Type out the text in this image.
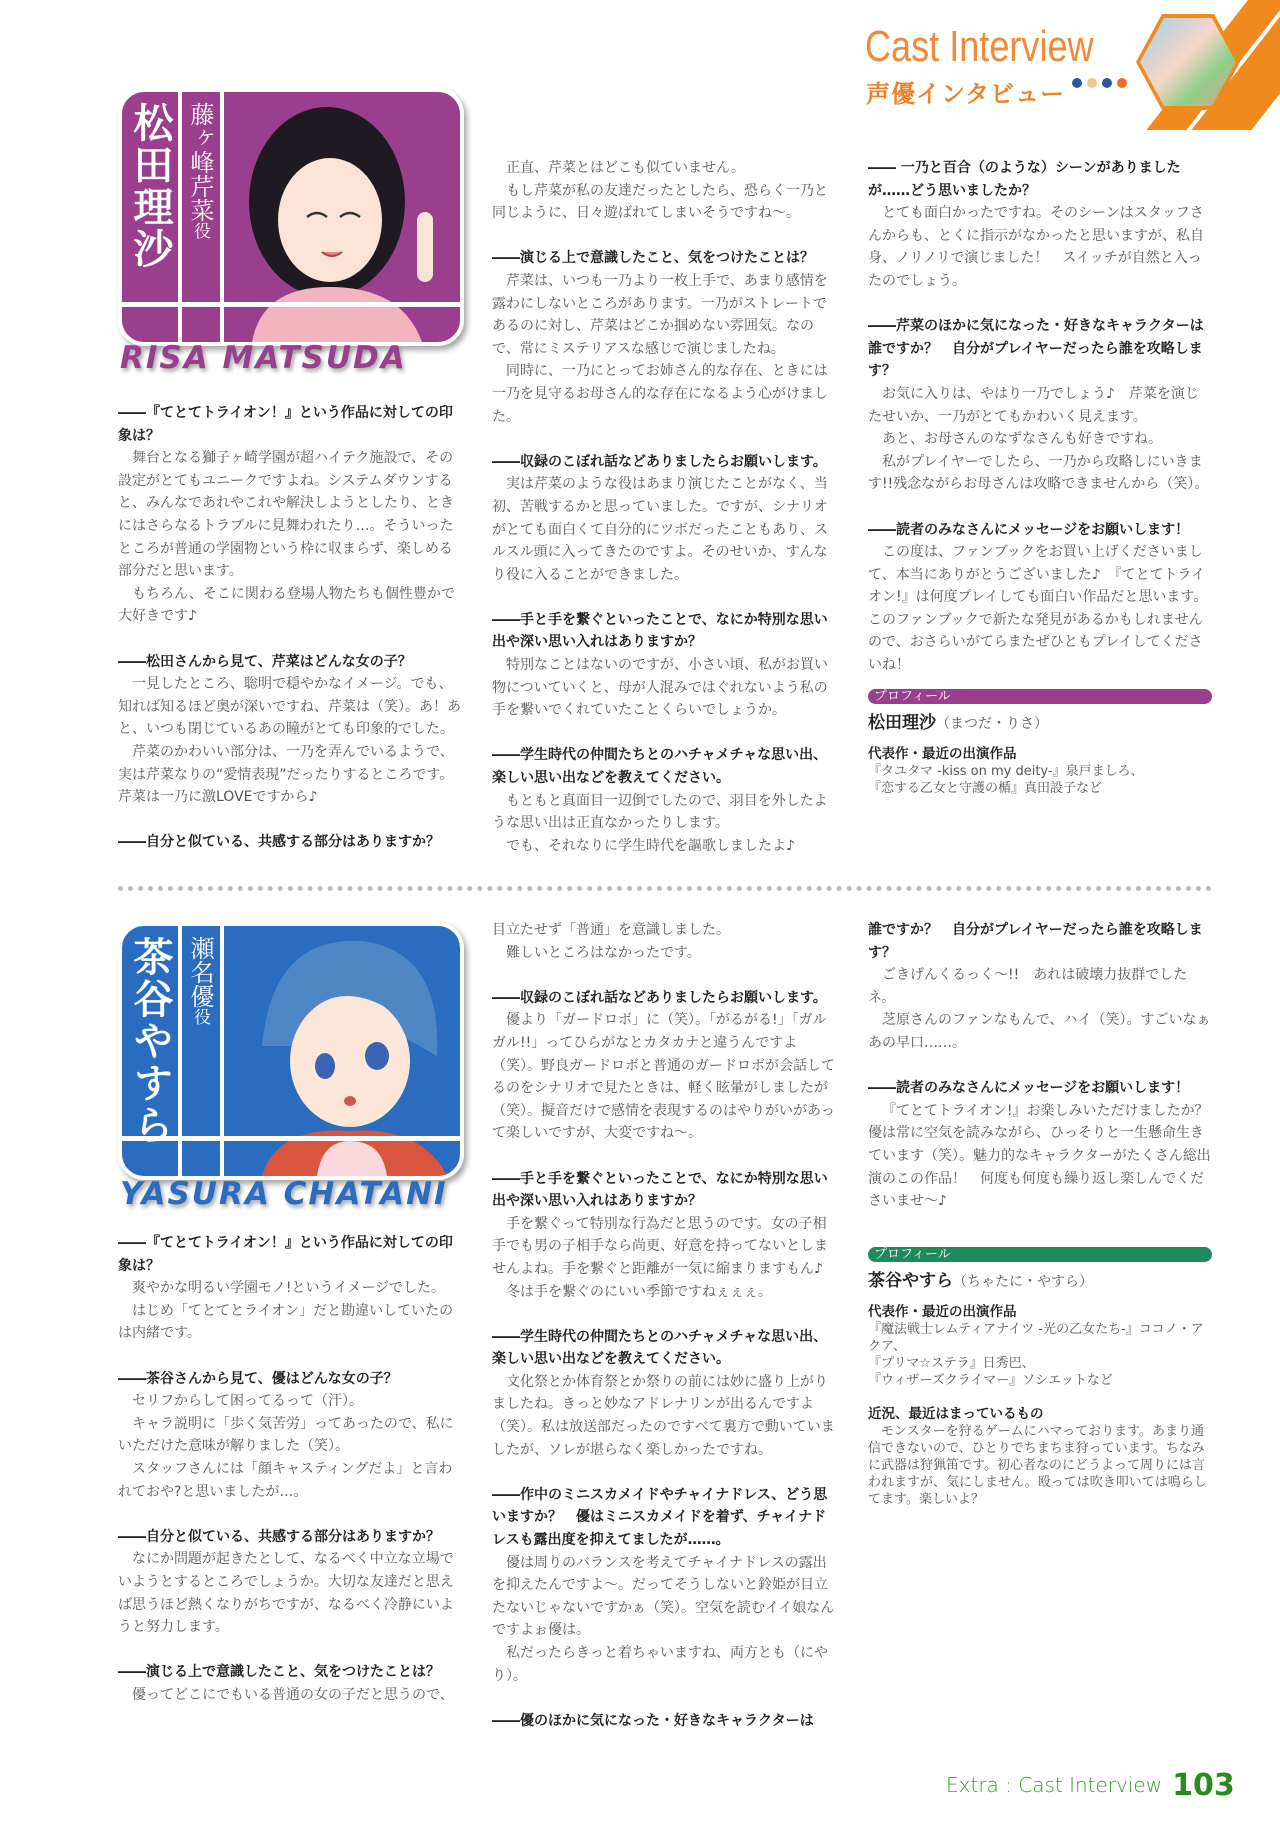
Cast Interview
声優インタビュー
松田理沙 藤ヶ峰芹菜役
RISA MATSUDA
――『てとてトライオン！』という作品に対しての印象は？

舞台となる獅子ヶ崎学園が超ハイテク施設で、その設定がとてもユニークですよね。システムダウンすると、みんなであれやこれや解決しようとしたり、ときにはさらなるトラブルに見舞われたり…。そういったところが普通の学園物という枠に収まらず、楽しめる部分だと思います。

もちろん、そこに関わる登場人物たちも個性豊かで大好きです♪

――松田さんから見て、芹菜はどんな女の子？

一見したところ、聡明で穏やかなイメージ。でも、知れば知るほど奥が深いですね、芹菜は（笑）。あ！あと、いつも閉じているあの瞳がとても印象的でした。

芹菜のかわいい部分は、一乃を弄んでいるようで、実は芹菜なりの“愛情表現”だったりするところです。芹菜は一乃に激LOVEですから♪

――自分と似ている、共感する部分はありますか？

正直、芹菜とはどこも似ていません。

もし芹菜が私の友達だったとしたら、恐らく一乃と同じように、日々遊ばれてしまいそうですね～。

――演じる上で意識したこと、気をつけたことは？

芹菜は、いつも一乃より一枚上手で、あまり感情を露わにしないところがあります。一乃がストレートであるのに対し、芹菜はどこか掴めない雰囲気。なので、常にミステリアスな感じで演じましたね。

同時に、一乃にとってお姉さん的な存在、ときには一乃を見守るお母さん的な存在になるよう心がけました。

――収録のこぼれ話などありましたらお願いします。

実は芹菜のような役はあまり演じたことがなく、当初、苦戦するかと思っていました。ですが、シナリオがとても面白くて自分的にツボだったこともあり、スルスル頭に入ってきたのですよ。そのせいか、すんなり役に入ることができました。

――手と手を繋ぐといったことで、なにか特別な思い出や深い思い入れはありますか？

特別なことはないのですが、小さい頃、私がお買い物についていくと、母が人混みではぐれないよう私の手を繋いでくれていたことくらいでしょうか。

――学生時代の仲間たちとのハチャメチャな思い出、楽しい思い出などを教えてください。

もともと真面目一辺倒でしたので、羽目を外したような思い出は正直なかったりします。

でも、それなりに学生時代を謳歌しましたよ♪

―― 一乃と百合（のような）シーンがありましたが……どう思いましたか？

とても面白かったですね。そのシーンはスタッフさんからも、とくに指示がなかったと思いますが、私自身、ノリノリで演じました！　スイッチが自然と入ったのでしょう。

――芹菜のほかに気になった・好きなキャラクターは誰ですか？　自分がプレイヤーだったら誰を攻略します？

お気に入りは、やはり一乃でしょう♪　芹菜を演じたせいか、一乃がとてもかわいく見えます。

あと、お母さんのなずなさんも好きですね。

私がプレイヤーでしたら、一乃から攻略しにいきます!!残念ながらお母さんは攻略できませんから（笑）。

――読者のみなさんにメッセージをお願いします！

この度は、ファンブックをお買い上げくださいまして、本当にありがとうございました♪　『てとてトライオン!』は何度プレイしても面白い作品だと思います。このファンブックで新たな発見があるかもしれませんので、おさらいがてらまたぜひともプレイしてくださいね！

プロフィール
松田理沙（まつだ・りさ）
代表作・最近の出演作品
『タユタマ -kiss on my deity-』泉戸ましろ、
『恋する乙女と守護の楯』真田設子など
茶谷やすら 瀬名優役
YASURA CHATANI
――『てとてトライオン！』という作品に対しての印象は？

爽やかな明るい学園モノ!というイメージでした。

はじめ「てとてとライオン」だと勘違いしていたのは内緒です。

――茶谷さんから見て、優はどんな女の子？

セリフからして困ってるって（汗）。

キャラ説明に「歩く気苦労」ってあったので、私にいただけた意味が解りました（笑）。

スタッフさんには「顔キャスティングだよ」と言われておや?と思いましたが…。

――自分と似ている、共感する部分はありますか？

なにか問題が起きたとして、なるべく中立な立場でいようとするところでしょうか。大切な友達だと思えば思うほど熱くなりがちですが、なるべく冷静にいようと努力します。

――演じる上で意識したこと、気をつけたことは？

優ってどこにでもいる普通の女の子だと思うので、

目立たせず「普通」を意識しました。

難しいところはなかったです。

――収録のこぼれ話などありましたらお願いします。

優より「ガードロボ」に（笑）。「がるがる!」「ガルガル!!」ってひらがなとカタカナと違うんですよ（笑）。野良ガードロボと普通のガードロボが会話してるのをシナリオで見たときは、軽く眩暈がしましたが（笑）。擬音だけで感情を表現するのはやりがいがあって楽しいですが、大変ですね～。

――手と手を繋ぐといったことで、なにか特別な思い出や深い思い入れはありますか？

手を繋ぐって特別な行為だと思うのです。女の子相手でも男の子相手なら尚更、好意を持ってないとしませんよね。手を繋ぐと距離が一気に縮まりますもん♪

冬は手を繋ぐのにいい季節ですねぇぇぇ。

――学生時代の仲間たちとのハチャメチャな思い出、楽しい思い出などを教えてください。

文化祭とか体育祭とか祭りの前には妙に盛り上がりましたね。きっと妙なアドレナリンが出るんですよ（笑）。私は放送部だったのですべて裏方で動いていましたが、ソレが堪らなく楽しかったですね。

――作中のミニスカメイドやチャイナドレス、どう思いますか？　優はミニスカメイドを着ず、チャイナドレスも露出度を抑えてましたが……。

優は周りのバランスを考えてチャイナドレスの露出を抑えたんですよ～。だってそうしないと鈴姫が目立たないじゃないですかぁ（笑）。空気を読むイイ娘なんですよぉ優は。

私だったらきっと着ちゃいますね、両方とも（にやり）。

――優のほかに気になった・好きなキャラクターは
誰ですか？　自分がプレイヤーだったら誰を攻略します？

ごきげんくるっく～!!　あれは破壊力抜群でしたネ。

芝原さんのファンなもんで、ハイ（笑）。すごいなぁあの早口……。

――読者のみなさんにメッセージをお願いします！

『てとてトライオン!』お楽しみいただけましたか？優は常に空気を読みながら、ひっそりと一生懸命生きています（笑）。魅力的なキャラクターがたくさん総出演のこの作品！　何度も何度も繰り返し楽しんでくださいませ～♪

プロフィール
茶谷やすら（ちゃたに・やすら）
代表作・最近の出演作品
『魔法戦士レムティアナイツ -光の乙女たち-』ココノ・アクア、
『プリマ☆ステラ』日秀巴、
『ウィザーズクライマー』ソシエットなど
近況、最近はまっているもの
モンスターを狩るゲームにハマっております。あまり通信できないので、ひとりでちまちま狩っています。ちなみに武器は狩猟笛です。初心者なのにどうよって周りには言われますが、気にしません。殴っては吹き叩いては鳴らしてます。楽しいよ？
Extra : Cast Interview 103
